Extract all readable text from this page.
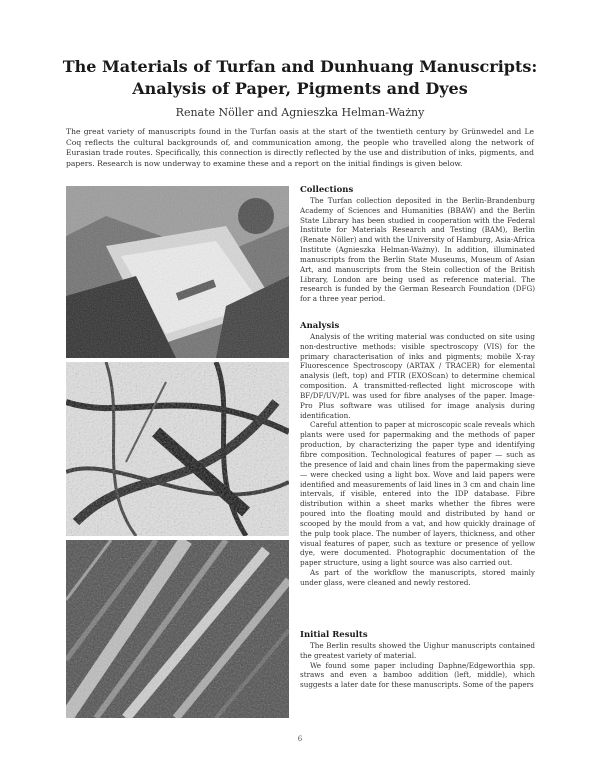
The Materials of Turfan and Dunhuang Manuscripts:
Analysis of Paper, Pigments and Dyes
Renate Nöller and Agnieszka Helman-Ważny
The great variety of manuscripts found in the Turfan oasis at the start of the twentieth century by Grünwedel and Le Coq reflects the cultural backgrounds of, and communication among, the people who travelled along the network of Eurasian trade routes. Specifically, this connection is directly reflected by the use and distribution of inks, pigments, and papers. Research is now underway to examine these and a report on the initial findings is given below.
Collections

The Turfan collection deposited in the Berlin-Brandenburg Academy of Sciences and Humanities (BBAW) and the Berlin State Library has been studied in cooperation with the Federal Institute for Materials Research and Testing (BAM), Berlin (Renate Nöller) and with the University of Hamburg, Asia-Africa Institute (Agnieszka Helman-Ważny). In addition, illuminated manuscripts from the Berlin State Museums, Museum of Asian Art, and manuscripts from the Stein collection of the British Library, London are being used as reference material. The research is funded by the German Research Foundation (DFG) for a three year period.

Analysis

Analysis of the writing material was conducted on site using non-destructive methods: visible spectroscopy (VIS) for the primary characterisation of inks and pigments; mobile X-ray Fluorescence Spectroscopy (ARTAX / TRACER) for elemental analysis (left, top) and FTIR (EXOScan) to determine chemical composition. A transmitted-reflected light microscope with BF/DF/UV/PL was used for fibre analyses of the paper. Image-Pro Plus software was utilised for image analysis during identification.

Careful attention to paper at microscopic scale reveals which plants were used for papermaking and the methods of paper production, by characterizing the paper type and identifying fibre composition. Technological features of paper — such as the presence of laid and chain lines from the papermaking sieve — were checked using a light box. Wove and laid papers were identified and measurements of laid lines in 3 cm and chain line intervals, if visible, entered into the IDP database. Fibre distribution within a sheet marks whether the fibres were poured into the floating mould and distributed by hand or scooped by the mould from a vat, and how quickly drainage of the pulp took place. The number of layers, thickness, and other visual features of paper, such as texture or presence of yellow dye, were documented. Photographic documentation of the paper structure, using a light source was also carried out.

As part of the workflow the manuscripts, stored mainly under glass, were cleaned and newly restored.

Initial Results

The Berlin results showed the Uighur manuscripts contained the greatest variety of material.

We found some paper including Daphne/Edgeworthia spp. straws and even a bamboo addition (left, middle), which suggests a later date for these manuscripts. Some of the papers

6
